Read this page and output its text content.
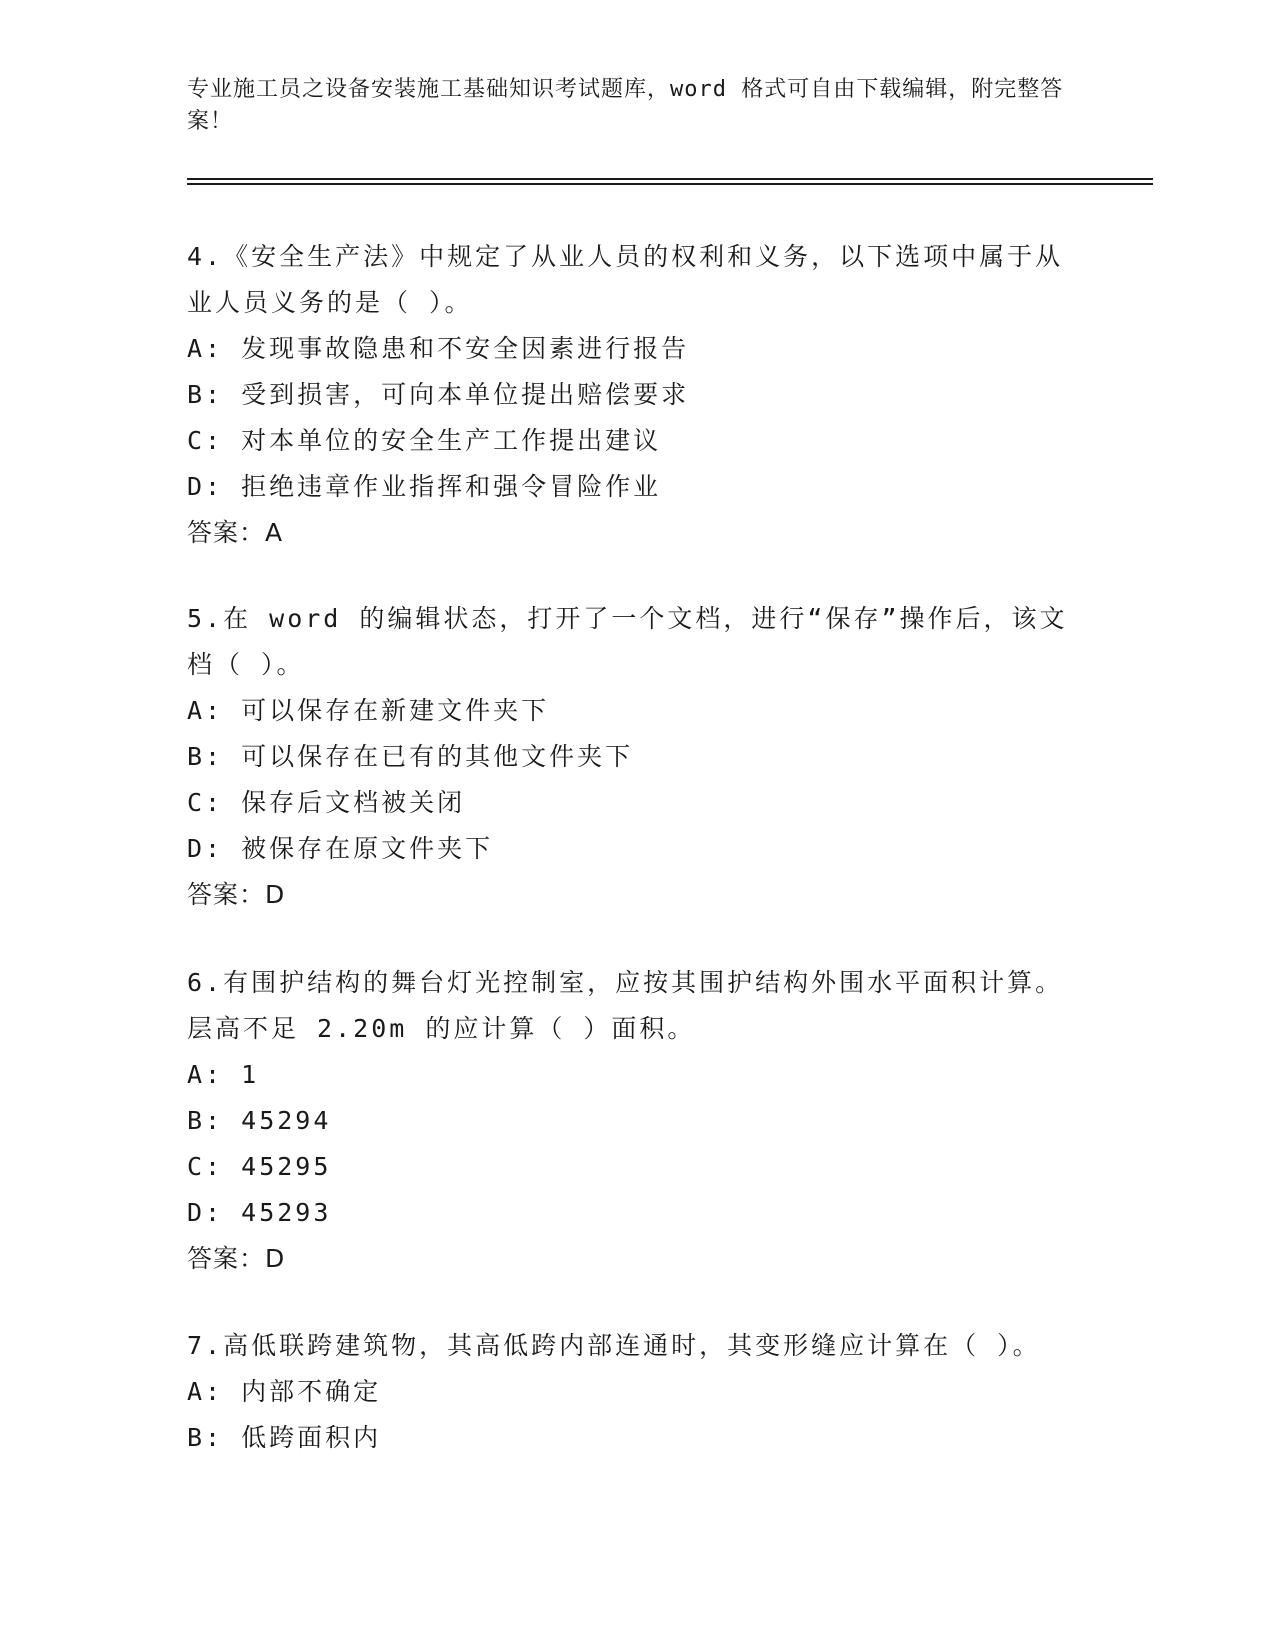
专业施工员之设备安装施工基础知识考试题库，word 格式可自由下载编辑，附完整答案！

4.《安全生产法》中规定了从业人员的权利和义务，以下选项中属于从业人员义务的是（ ）。

A: 发现事故隐患和不安全因素进行报告

B: 受到损害，可向本单位提出赔偿要求

C: 对本单位的安全生产工作提出建议

D: 拒绝违章作业指挥和强令冒险作业

答案：A

5.在 word 的编辑状态，打开了一个文档，进行“保存”操作后，该文档（ ）。

A: 可以保存在新建文件夹下

B: 可以保存在已有的其他文件夹下

C: 保存后文档被关闭

D: 被保存在原文件夹下

答案：D

6.有围护结构的舞台灯光控制室，应按其围护结构外围水平面积计算。层高不足 2.20m 的应计算（ ）面积。

A: 1

B: 45294

C: 45295

D: 45293

答案：D

7.高低联跨建筑物，其高低跨内部连通时，其变形缝应计算在（ ）。

A: 内部不确定

B: 低跨面积内
